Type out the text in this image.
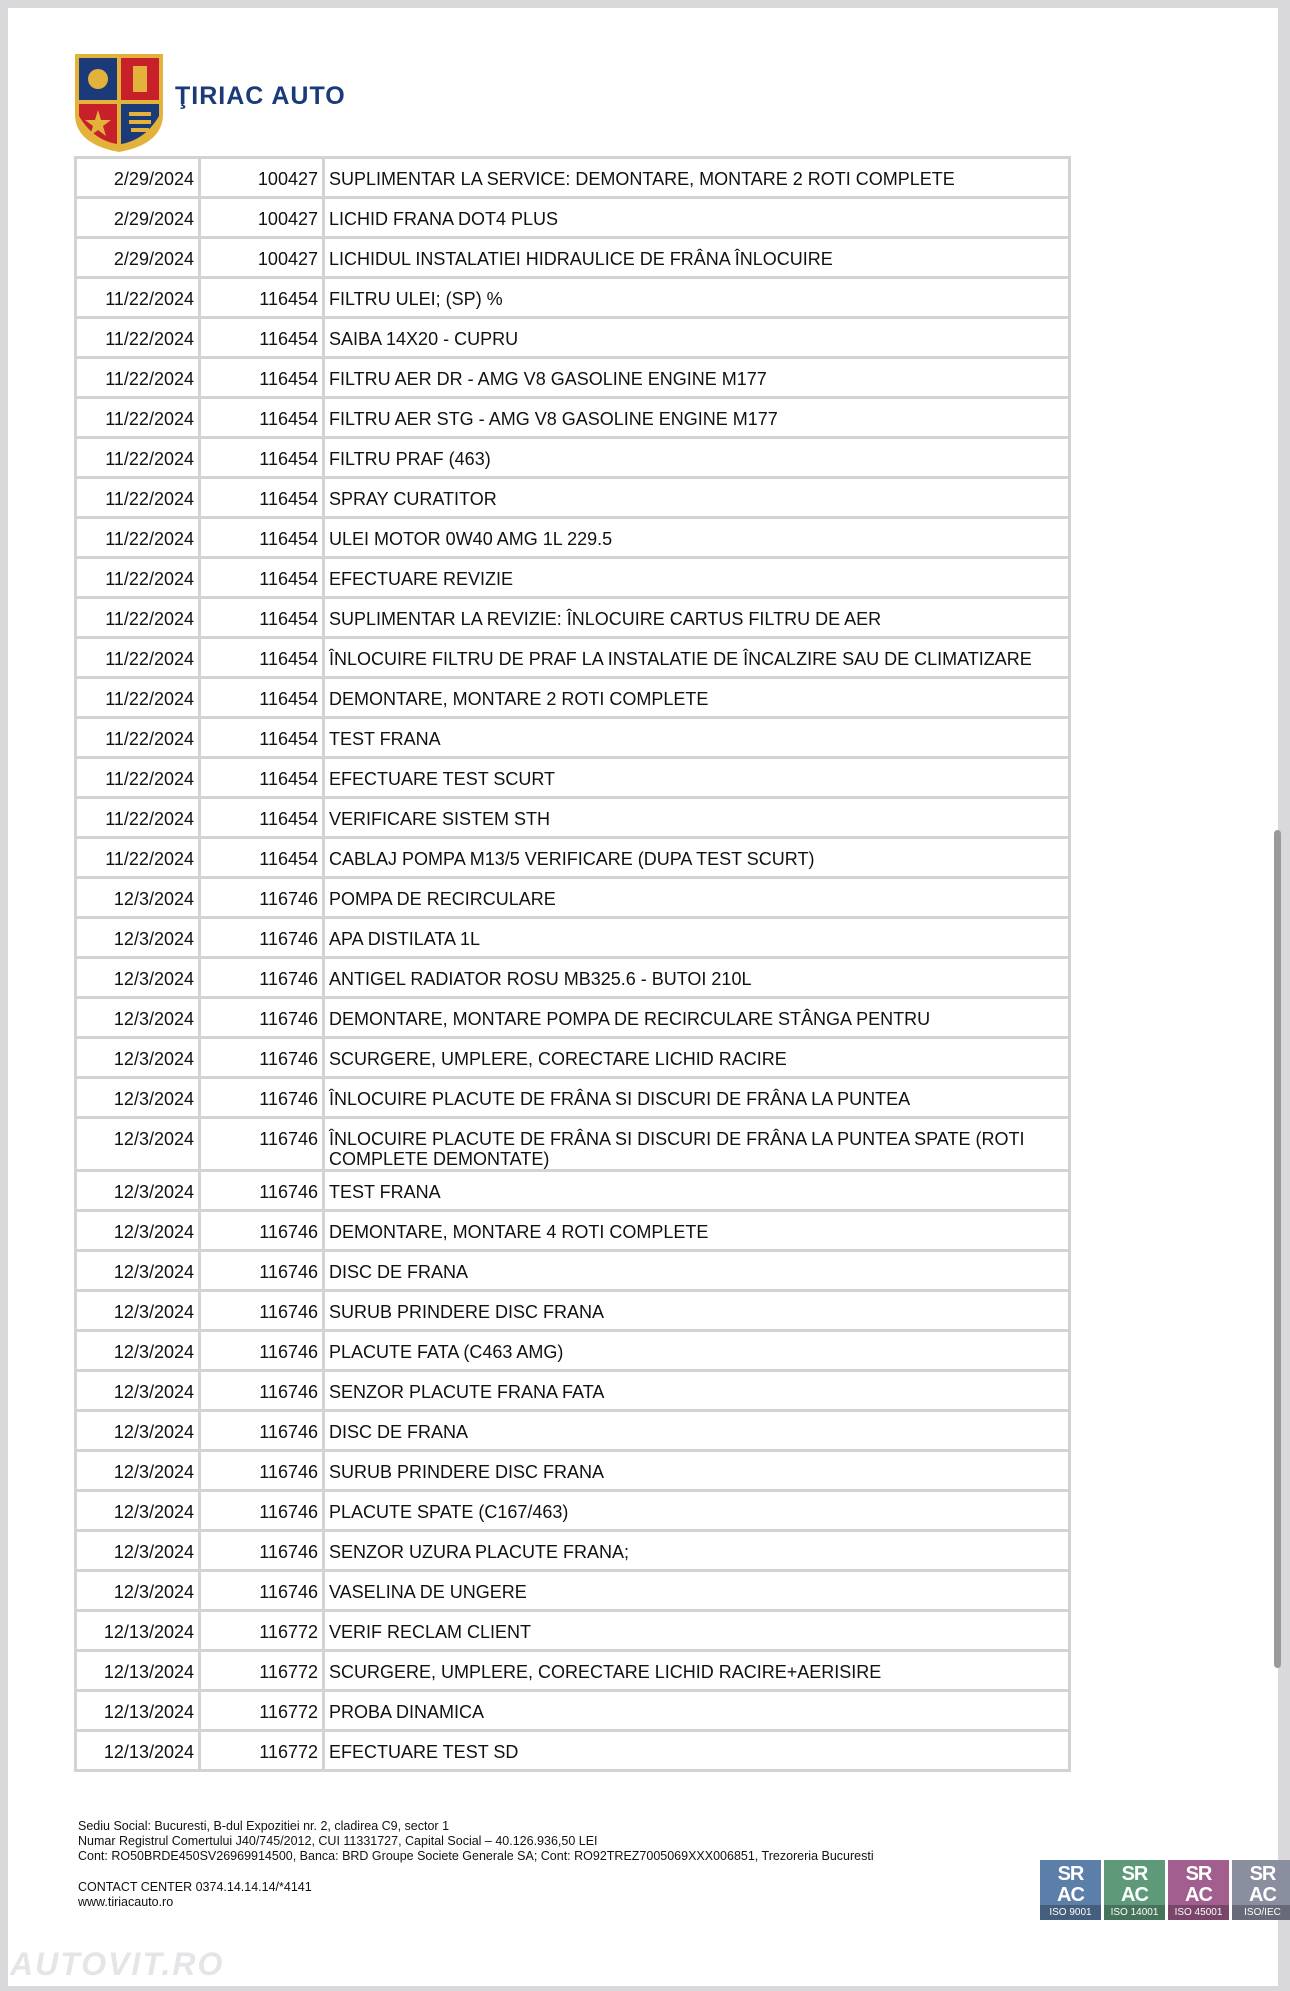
ŢIRIAC AUTO
2/29/2024	100427	SUPLIMENTAR LA SERVICE: DEMONTARE, MONTARE 2 ROTI COMPLETE
2/29/2024	100427	LICHID FRANA DOT4 PLUS
2/29/2024	100427	LICHIDUL INSTALATIEI HIDRAULICE DE FRÂNA ÎNLOCUIRE
11/22/2024	116454	FILTRU ULEI; (SP) %
11/22/2024	116454	SAIBA 14X20 - CUPRU
11/22/2024	116454	FILTRU AER DR - AMG V8 GASOLINE ENGINE M177
11/22/2024	116454	FILTRU AER STG - AMG V8 GASOLINE ENGINE M177
11/22/2024	116454	FILTRU PRAF (463)
11/22/2024	116454	SPRAY CURATITOR
11/22/2024	116454	ULEI MOTOR 0W40 AMG 1L 229.5
11/22/2024	116454	EFECTUARE REVIZIE
11/22/2024	116454	SUPLIMENTAR LA REVIZIE: ÎNLOCUIRE CARTUS FILTRU DE AER
11/22/2024	116454	ÎNLOCUIRE FILTRU DE PRAF LA INSTALATIE DE ÎNCALZIRE SAU DE CLIMATIZARE
11/22/2024	116454	DEMONTARE, MONTARE 2 ROTI COMPLETE
11/22/2024	116454	TEST FRANA
11/22/2024	116454	EFECTUARE TEST SCURT
11/22/2024	116454	VERIFICARE SISTEM STH
11/22/2024	116454	CABLAJ POMPA M13/5 VERIFICARE (DUPA TEST SCURT)
12/3/2024	116746	POMPA DE RECIRCULARE
12/3/2024	116746	APA DISTILATA 1L
12/3/2024	116746	ANTIGEL RADIATOR ROSU MB325.6 - BUTOI 210L
12/3/2024	116746	DEMONTARE, MONTARE POMPA DE RECIRCULARE STÂNGA PENTRU
12/3/2024	116746	SCURGERE, UMPLERE, CORECTARE LICHID RACIRE
12/3/2024	116746	ÎNLOCUIRE PLACUTE DE FRÂNA SI DISCURI DE FRÂNA LA PUNTEA
12/3/2024	116746	ÎNLOCUIRE PLACUTE DE FRÂNA SI DISCURI DE FRÂNA LA PUNTEA SPATE (ROTI COMPLETE DEMONTATE)
12/3/2024	116746	TEST FRANA
12/3/2024	116746	DEMONTARE, MONTARE 4 ROTI COMPLETE
12/3/2024	116746	DISC DE FRANA
12/3/2024	116746	SURUB PRINDERE DISC FRANA
12/3/2024	116746	PLACUTE FATA (C463 AMG)
12/3/2024	116746	SENZOR PLACUTE FRANA FATA
12/3/2024	116746	DISC DE FRANA
12/3/2024	116746	SURUB PRINDERE DISC FRANA
12/3/2024	116746	PLACUTE SPATE (C167/463)
12/3/2024	116746	SENZOR UZURA PLACUTE FRANA;
12/3/2024	116746	VASELINA DE UNGERE
12/13/2024	116772	VERIF RECLAM CLIENT
12/13/2024	116772	SCURGERE, UMPLERE, CORECTARE LICHID RACIRE+AERISIRE
12/13/2024	116772	PROBA DINAMICA
12/13/2024	116772	EFECTUARE TEST SD
Sediu Social: Bucuresti, B-dul Expozitiei nr. 2, cladirea C9, sector 1
Numar Registrul Comertului J40/745/2012, CUI 11331727, Capital Social – 40.126.936,50 LEI
Cont: RO50BRDE450SV26969914500, Banca: BRD Groupe Societe Generale SA; Cont: RO92TREZ7005069XXX006851, Trezoreria Bucuresti
CONTACT CENTER 0374.14.14.14/*4141
www.tiriacauto.ro
SR
AC
ISO 9001
SR
AC
ISO 14001
SR
AC
ISO 45001
SR
AC
ISO/IEC 27001
AUTOVIT.RO
